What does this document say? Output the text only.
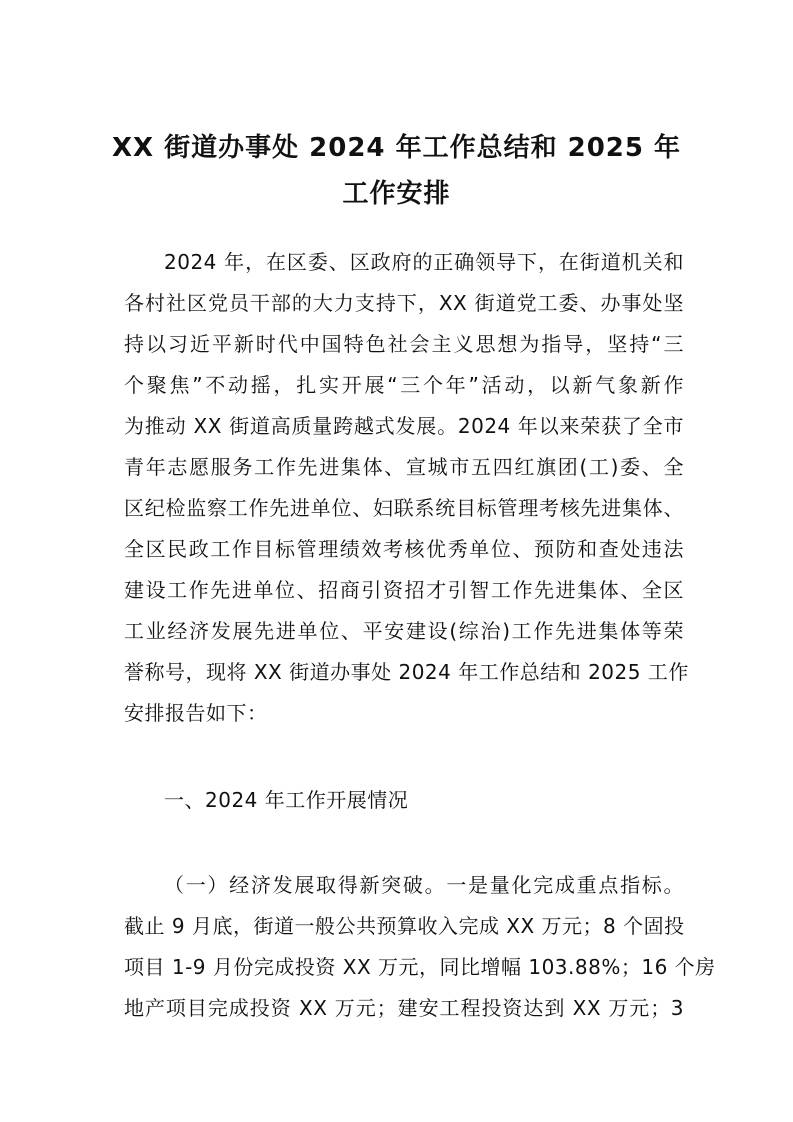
XX 街道办事处 2024 年工作总结和 2025 年
工作安排
2024 年，在区委、区政府的正确领导下，在街道机关和
各村社区党员干部的大力支持下，XX 街道党工委、办事处坚
持以习近平新时代中国特色社会主义思想为指导，坚持“三
个聚焦”不动摇，扎实开展“三个年”活动，以新气象新作
为推动 XX 街道高质量跨越式发展。2024 年以来荣获了全市
青年志愿服务工作先进集体、宣城市五四红旗团(工)委、全
区纪检监察工作先进单位、妇联系统目标管理考核先进集体、
全区民政工作目标管理绩效考核优秀单位、预防和查处违法
建设工作先进单位、招商引资招才引智工作先进集体、全区
工业经济发展先进单位、平安建设(综治)工作先进集体等荣
誉称号，现将 XX 街道办事处 2024 年工作总结和 2025 工作
安排报告如下：
一、2024 年工作开展情况
（一）经济发展取得新突破。一是量化完成重点指标。
截止 9 月底，街道一般公共预算收入完成 XX 万元；8 个固投
项目 1-9 月份完成投资 XX 万元，同比增幅 103.88%；16 个房
地产项目完成投资 XX 万元；建安工程投资达到 XX 万元；3
